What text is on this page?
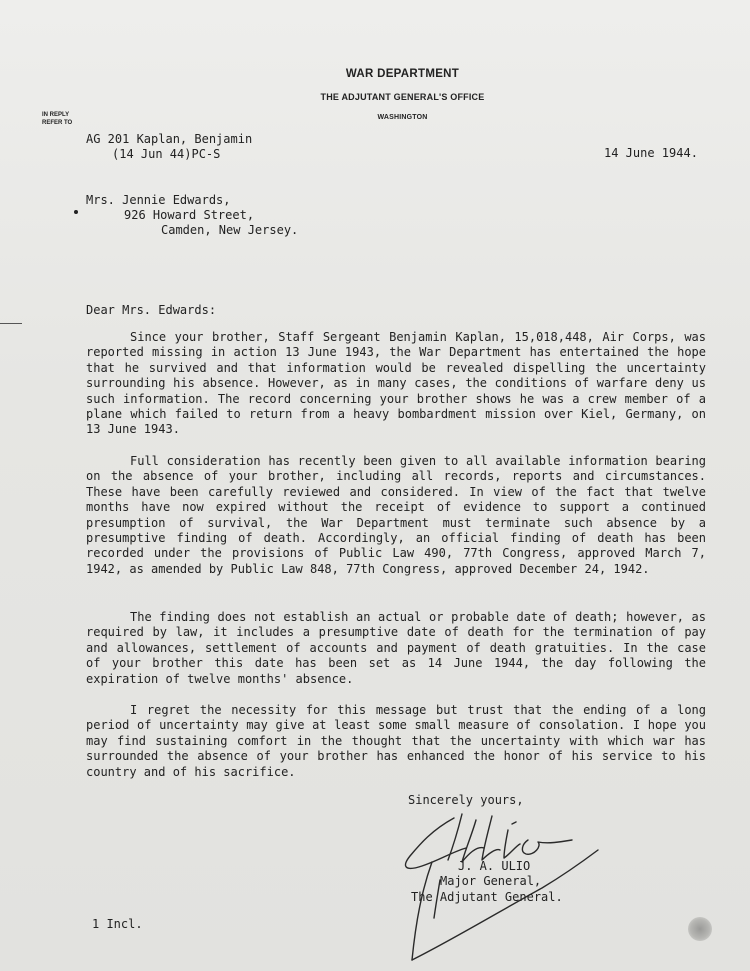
WAR DEPARTMENT
THE ADJUTANT GENERAL'S OFFICE
WASHINGTON
IN REPLY
REFER TO
AG 201 Kaplan, Benjamin
(14 Jun 44)PC-S	14 June 1944.
Mrs. Jennie Edwards,
926 Howard Street,
Camden, New Jersey.
Dear Mrs. Edwards:

Since your brother, Staff Sergeant Benjamin Kaplan, 15,018,448, Air Corps, was reported missing in action 13 June 1943, the War Department has entertained the hope that he survived and that information would be revealed dispelling the uncertainty surrounding his absence. However, as in many cases, the conditions of warfare deny us such information. The record concerning your brother shows he was a crew member of a plane which failed to return from a heavy bombardment mission over Kiel, Germany, on 13 June 1943.

Full consideration has recently been given to all available information bearing on the absence of your brother, including all records, reports and circumstances. These have been carefully reviewed and considered. In view of the fact that twelve months have now expired without the receipt of evidence to support a continued presumption of survival, the War Department must terminate such absence by a presumptive finding of death. Accordingly, an official finding of death has been recorded under the provisions of Public Law 490, 77th Congress, approved March 7, 1942, as amended by Public Law 848, 77th Congress, approved December 24, 1942.

The finding does not establish an actual or probable date of death; however, as required by law, it includes a presumptive date of death for the termination of pay and allowances, settlement of accounts and payment of death gratuities. In the case of your brother this date has been set as 14 June 1944, the day following the expiration of twelve months' absence.

I regret the necessity for this message but trust that the ending of a long period of uncertainty may give at least some small measure of consolation. I hope you may find sustaining comfort in the thought that the uncertainty with which war has surrounded the absence of your brother has enhanced the honor of his service to his country and of his sacrifice.

Sincerely yours,
J. A. ULIO
Major General,
The Adjutant General.
1 Incl.
